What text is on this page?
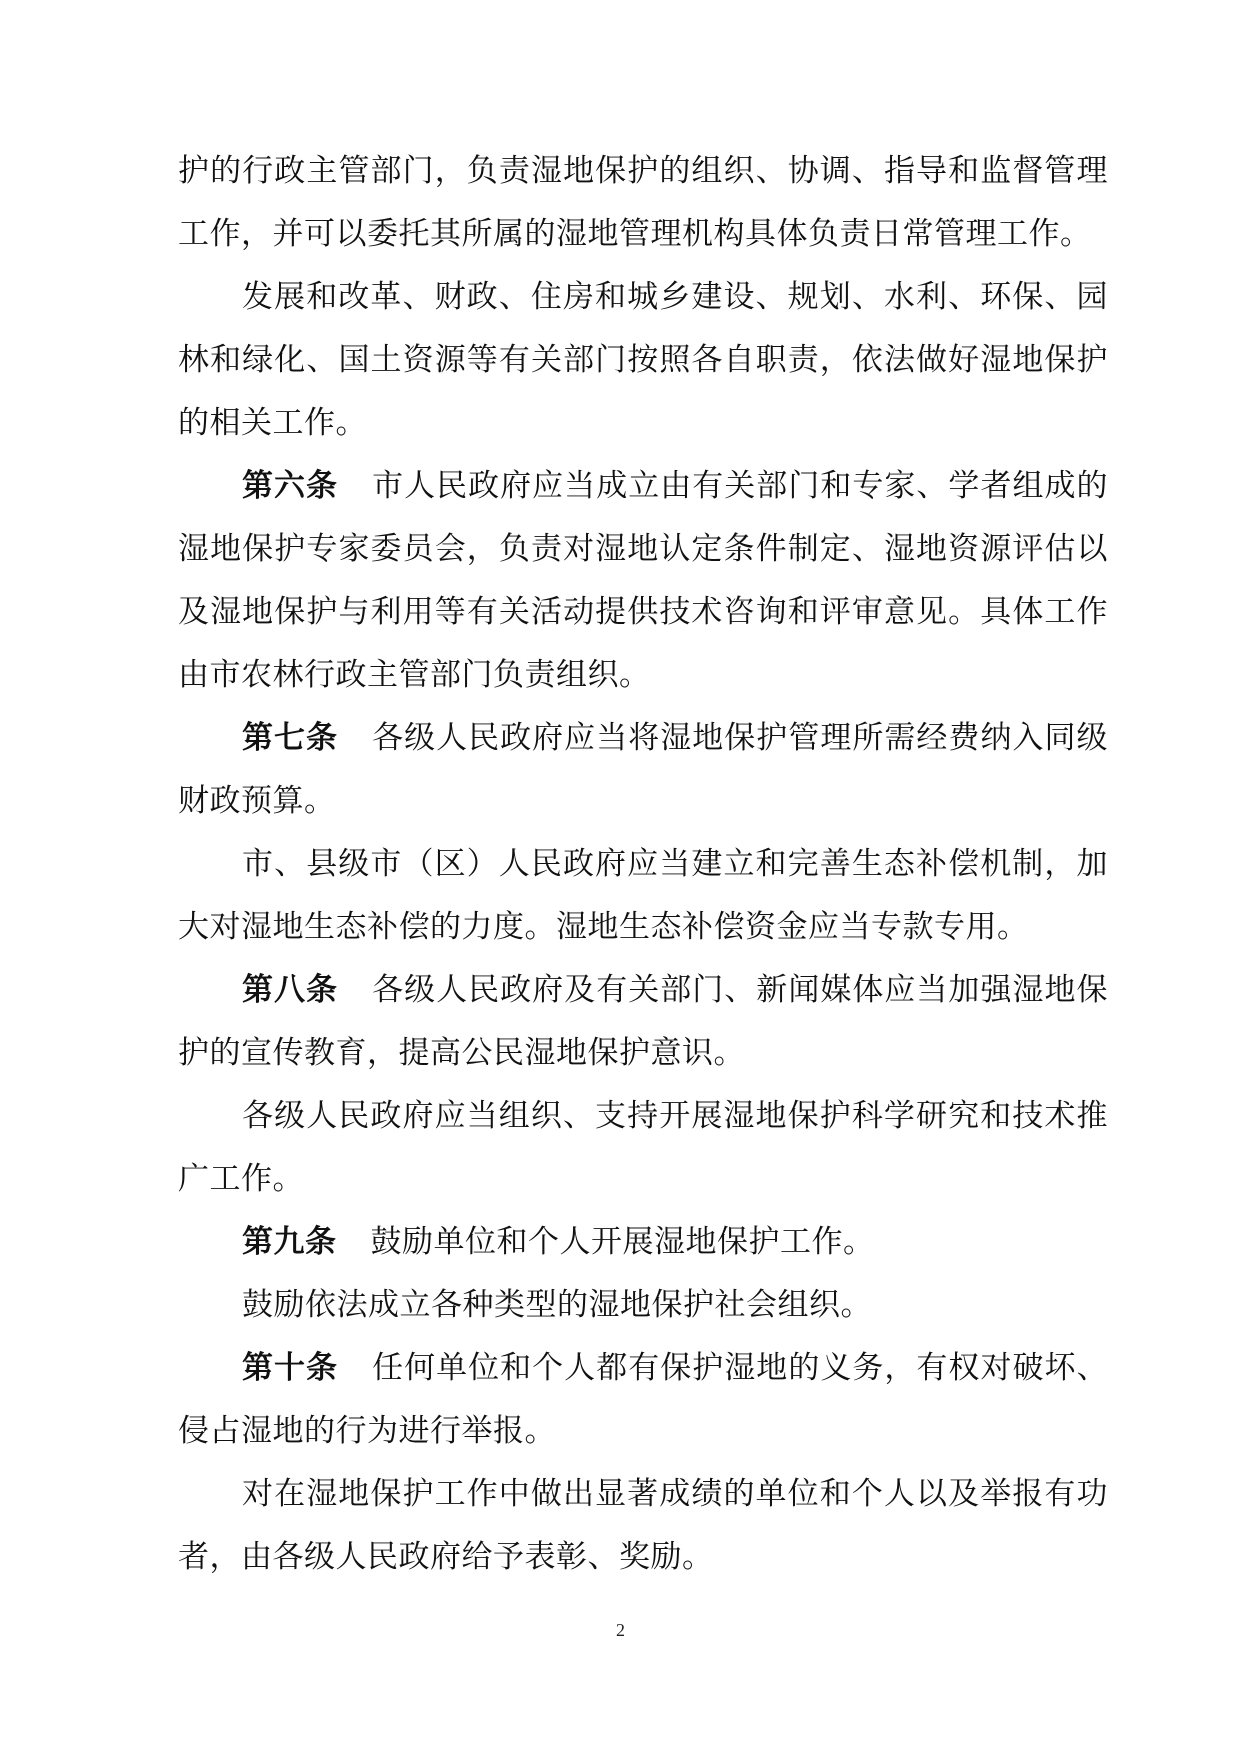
护的行政主管部门，负责湿地保护的组织、协调、指导和监督管理工作，并可以委托其所属的湿地管理机构具体负责日常管理工作。

发展和改革、财政、住房和城乡建设、规划、水利、环保、园林和绿化、国土资源等有关部门按照各自职责，依法做好湿地保护的相关工作。

第六条 市人民政府应当成立由有关部门和专家、学者组成的湿地保护专家委员会，负责对湿地认定条件制定、湿地资源评估以及湿地保护与利用等有关活动提供技术咨询和评审意见。具体工作由市农林行政主管部门负责组织。

第七条 各级人民政府应当将湿地保护管理所需经费纳入同级财政预算。

市、县级市（区）人民政府应当建立和完善生态补偿机制，加大对湿地生态补偿的力度。湿地生态补偿资金应当专款专用。

第八条 各级人民政府及有关部门、新闻媒体应当加强湿地保护的宣传教育，提高公民湿地保护意识。

各级人民政府应当组织、支持开展湿地保护科学研究和技术推广工作。

第九条 鼓励单位和个人开展湿地保护工作。

鼓励依法成立各种类型的湿地保护社会组织。

第十条 任何单位和个人都有保护湿地的义务，有权对破坏、侵占湿地的行为进行举报。

对在湿地保护工作中做出显著成绩的单位和个人以及举报有功者，由各级人民政府给予表彰、奖励。

2
